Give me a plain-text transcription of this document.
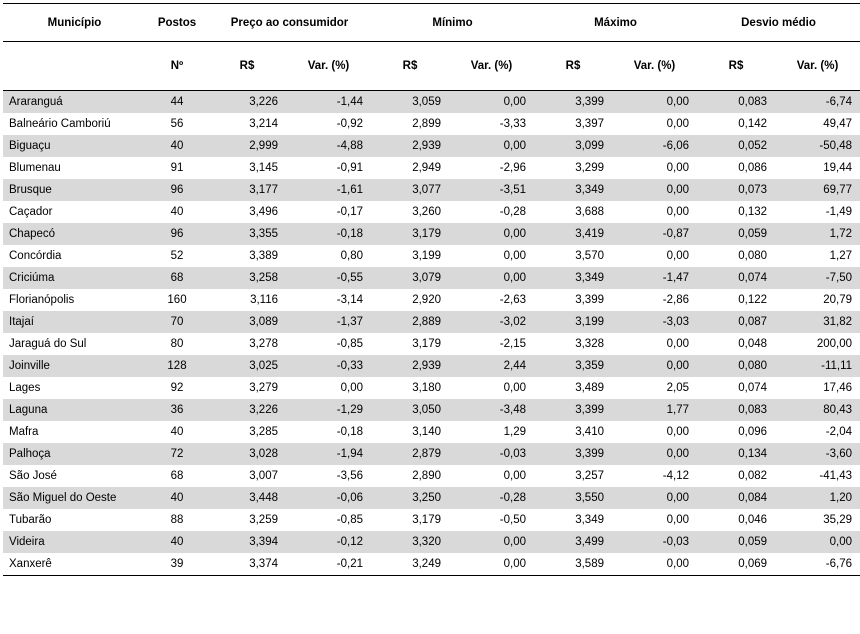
Município	Postos	Preço ao consumidor		Mínimo		Máximo		Desvio médio	
	Nº	R$	Var. (%)	R$	Var. (%)	R$	Var. (%)	R$	Var. (%)
Araranguá	44	3,226	-1,44	3,059	0,00	3,399	0,00	0,083	-6,74
Balneário Camboriú	56	3,214	-0,92	2,899	-3,33	3,397	0,00	0,142	49,47
Biguaçu	40	2,999	-4,88	2,939	0,00	3,099	-6,06	0,052	-50,48
Blumenau	91	3,145	-0,91	2,949	-2,96	3,299	0,00	0,086	19,44
Brusque	96	3,177	-1,61	3,077	-3,51	3,349	0,00	0,073	69,77
Caçador	40	3,496	-0,17	3,260	-0,28	3,688	0,00	0,132	-1,49
Chapecó	96	3,355	-0,18	3,179	0,00	3,419	-0,87	0,059	1,72
Concórdia	52	3,389	0,80	3,199	0,00	3,570	0,00	0,080	1,27
Criciúma	68	3,258	-0,55	3,079	0,00	3,349	-1,47	0,074	-7,50
Florianópolis	160	3,116	-3,14	2,920	-2,63	3,399	-2,86	0,122	20,79
Itajaí	70	3,089	-1,37	2,889	-3,02	3,199	-3,03	0,087	31,82
Jaraguá do Sul	80	3,278	-0,85	3,179	-2,15	3,328	0,00	0,048	200,00
Joinville	128	3,025	-0,33	2,939	2,44	3,359	0,00	0,080	-11,11
Lages	92	3,279	0,00	3,180	0,00	3,489	2,05	0,074	17,46
Laguna	36	3,226	-1,29	3,050	-3,48	3,399	1,77	0,083	80,43
Mafra	40	3,285	-0,18	3,140	1,29	3,410	0,00	0,096	-2,04
Palhoça	72	3,028	-1,94	2,879	-0,03	3,399	0,00	0,134	-3,60
São José	68	3,007	-3,56	2,890	0,00	3,257	-4,12	0,082	-41,43
São Miguel do Oeste	40	3,448	-0,06	3,250	-0,28	3,550	0,00	0,084	1,20
Tubarão	88	3,259	-0,85	3,179	-0,50	3,349	0,00	0,046	35,29
Videira	40	3,394	-0,12	3,320	0,00	3,499	-0,03	0,059	0,00
Xanxerê	39	3,374	-0,21	3,249	0,00	3,589	0,00	0,069	-6,76
